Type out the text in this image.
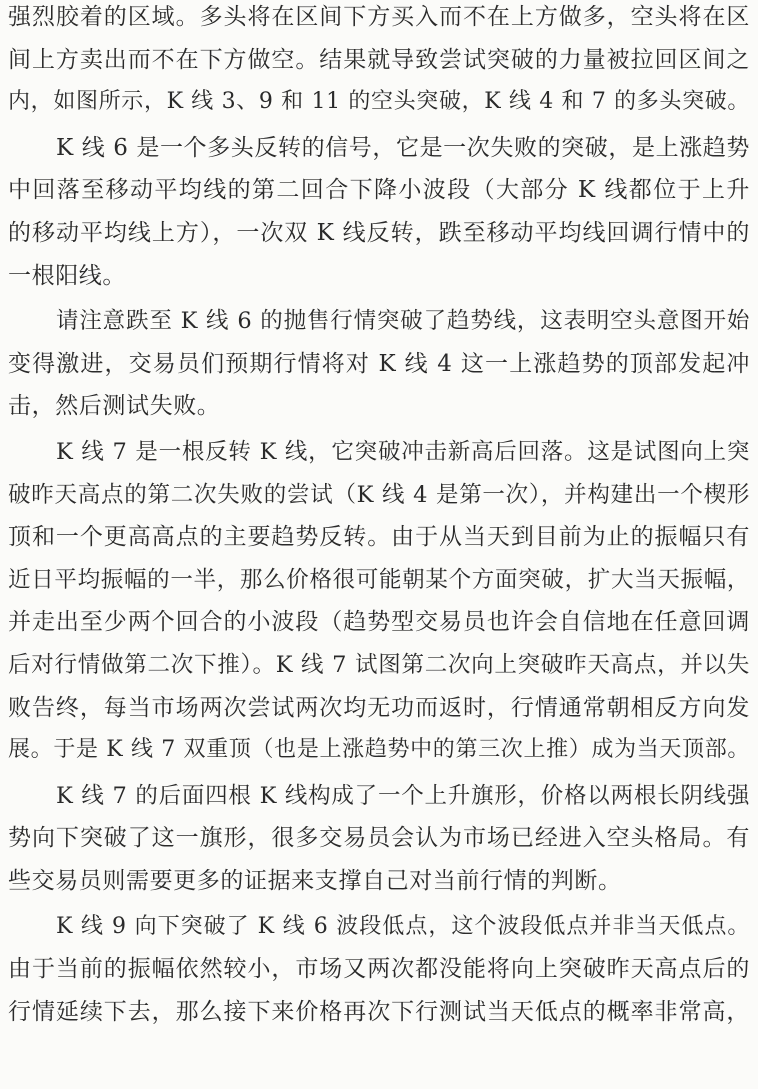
强烈胶着的区域。多头将在区间下方买入而不在上方做多，空头将在区
间上方卖出而不在下方做空。结果就导致尝试突破的力量被拉回区间之
内，如图所示，K 线 3、9 和 11 的空头突破，K 线 4 和 7 的多头突破。
K 线 6 是一个多头反转的信号，它是一次失败的突破，是上涨趋势
中回落至移动平均线的第二回合下降小波段（大部分 K 线都位于上升
的移动平均线上方），一次双 K 线反转，跌至移动平均线回调行情中的
一根阳线。
请注意跌至 K 线 6 的抛售行情突破了趋势线，这表明空头意图开始
变得激进，交易员们预期行情将对 K 线 4 这一上涨趋势的顶部发起冲
击，然后测试失败。
K 线 7 是一根反转 K 线，它突破冲击新高后回落。这是试图向上突
破昨天高点的第二次失败的尝试（K 线 4 是第一次），并构建出一个楔形
顶和一个更高高点的主要趋势反转。由于从当天到目前为止的振幅只有
近日平均振幅的一半，那么价格很可能朝某个方面突破，扩大当天振幅，
并走出至少两个回合的小波段（趋势型交易员也许会自信地在任意回调
后对行情做第二次下推）。K 线 7 试图第二次向上突破昨天高点，并以失
败告终，每当市场两次尝试两次均无功而返时，行情通常朝相反方向发
展。于是 K 线 7 双重顶（也是上涨趋势中的第三次上推）成为当天顶部。
K 线 7 的后面四根 K 线构成了一个上升旗形，价格以两根长阴线强
势向下突破了这一旗形，很多交易员会认为市场已经进入空头格局。有
些交易员则需要更多的证据来支撑自己对当前行情的判断。
K 线 9 向下突破了 K 线 6 波段低点，这个波段低点并非当天低点。
由于当前的振幅依然较小，市场又两次都没能将向上突破昨天高点后的
行情延续下去，那么接下来价格再次下行测试当天低点的概率非常高，
